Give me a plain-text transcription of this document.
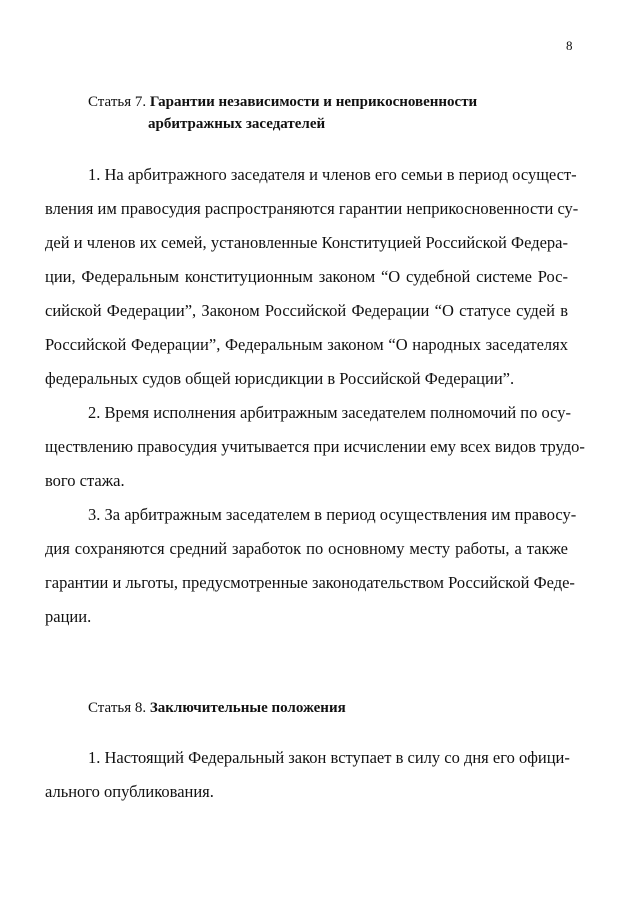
8
Статья 7. Гарантии независимости и неприкосновенности
арбитражных заседателей
1. На арбитражного заседателя и членов его семьи в период осущест-
вления им правосудия распространяются гарантии неприкосновенности су-
дей и членов их семей, установленные Конституцией Российской Федера-
ции, Федеральным конституционным законом “О судебной системе Рос-
сийской Федерации”, Законом Российской Федерации “О статусе судей в
Российской Федерации”, Федеральным законом “О народных заседателях
федеральных судов общей юрисдикции в Российской Федерации”.
2. Время исполнения арбитражным заседателем полномочий по осу-
ществлению правосудия учитывается при исчислении ему всех видов трудо-
вого стажа.
3. За арбитражным заседателем в период осуществления им правосу-
дия сохраняются средний заработок по основному месту работы, а также
гарантии и льготы, предусмотренные законодательством Российской Феде-
рации.
Статья 8. Заключительные положения
1. Настоящий Федеральный закон вступает в силу со дня его офици-
ального опубликования.
